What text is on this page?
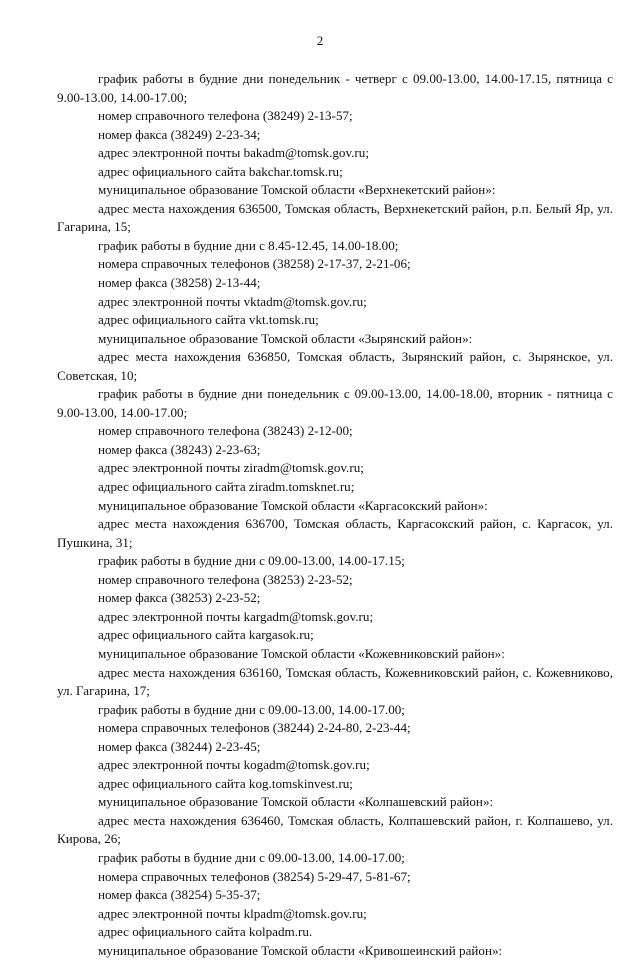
2

график работы в будние дни понедельник - четверг с 09.00-13.00, 14.00-17.15, пятница с 9.00-13.00, 14.00-17.00;

номер справочного телефона (38249) 2-13-57;

номер факса (38249) 2-23-34;

адрес электронной почты bakadm@tomsk.gov.ru;

адрес официального сайта bakchar.tomsk.ru;

муниципальное образование Томской области «Верхнекетский район»:

адрес места нахождения 636500, Томская область, Верхнекетский район, р.п. Белый Яр, ул. Гагарина, 15;

график работы в будние дни с 8.45-12.45, 14.00-18.00;

номера справочных телефонов (38258) 2-17-37, 2-21-06;

номер факса (38258) 2-13-44;

адрес электронной почты vktadm@tomsk.gov.ru;

адрес официального сайта vkt.tomsk.ru;

муниципальное образование Томской области «Зырянский район»:

адрес места нахождения 636850, Томская область, Зырянский район, с. Зырянское, ул. Советская, 10;

график работы в будние дни понедельник с 09.00-13.00, 14.00-18.00, вторник - пятница с 9.00-13.00, 14.00-17.00;

номер справочного телефона (38243) 2-12-00;

номер факса (38243) 2-23-63;

адрес электронной почты ziradm@tomsk.gov.ru;

адрес официального сайта ziradm.tomsknet.ru;

муниципальное образование Томской области «Каргасокский район»:

адрес места нахождения 636700, Томская область, Каргасокский район, с. Каргасок, ул. Пушкина, 31;

график работы в будние дни с 09.00-13.00, 14.00-17.15;

номер справочного телефона (38253) 2-23-52;

номер факса (38253) 2-23-52;

адрес электронной почты kargadm@tomsk.gov.ru;

адрес официального сайта kargasok.ru;

муниципальное образование Томской области «Кожевниковский район»:

адрес места нахождения 636160, Томская область, Кожевниковский район, с. Кожевниково, ул. Гагарина, 17;

график работы в будние дни с 09.00-13.00, 14.00-17.00;

номера справочных телефонов (38244) 2-24-80, 2-23-44;

номер факса (38244) 2-23-45;

адрес электронной почты kogadm@tomsk.gov.ru;

адрес официального сайта kog.tomskinvest.ru;

муниципальное образование Томской области «Колпашевский район»:

адрес места нахождения 636460, Томская область, Колпашевский район, г. Колпашево, ул. Кирова, 26;

график работы в будние дни с 09.00-13.00, 14.00-17.00;

номера справочных телефонов (38254) 5-29-47, 5-81-67;

номер факса (38254) 5-35-37;

адрес электронной почты klpadm@tomsk.gov.ru;

адрес официального сайта kolpadm.ru.

муниципальное образование Томской области «Кривошеинский район»:
